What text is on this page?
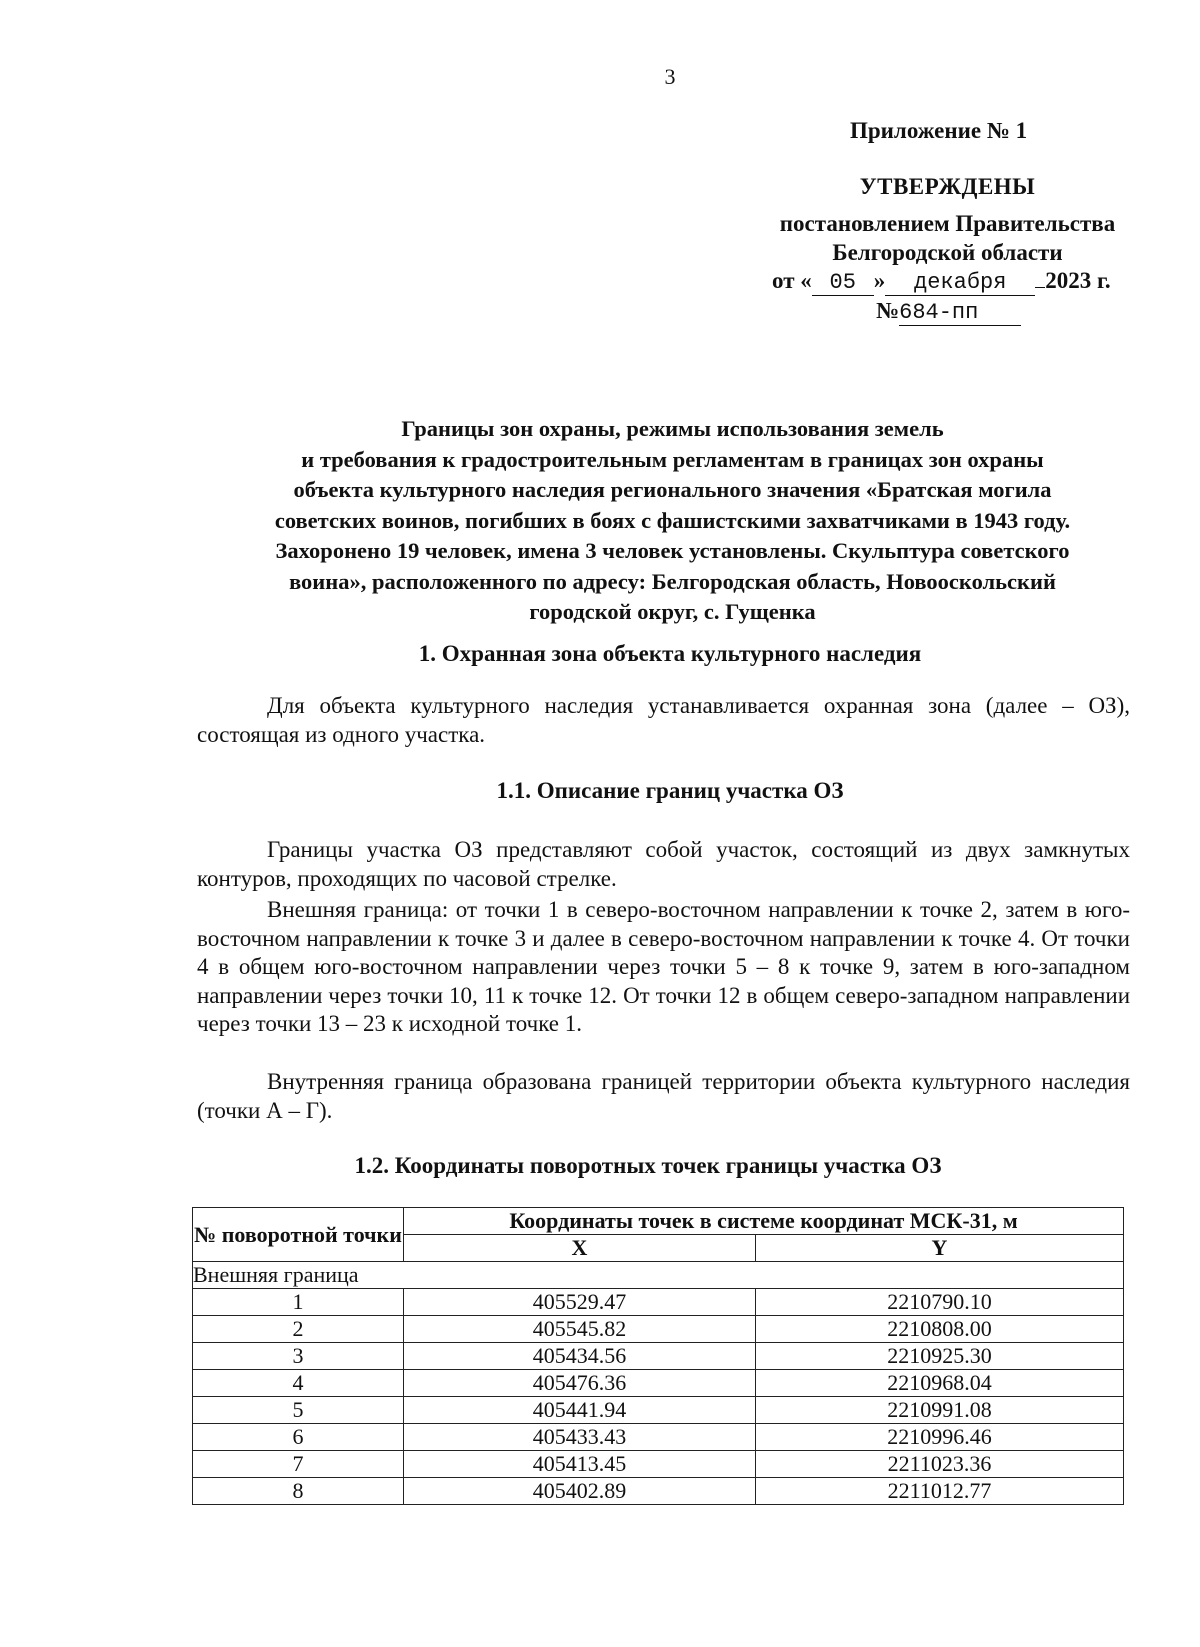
3
Приложение № 1
УТВЕРЖДЕНЫ
постановлением Правительства
Белгородской области
от « 05 » декабря 2023 г.
№684-пп
Границы зон охраны, режимы использования земель
и требования к градостроительным регламентам в границах зон охраны
объекта культурного наследия регионального значения «Братская могила
советских воинов, погибших в боях с фашистскими захватчиками в 1943 году.
Захоронено 19 человек, имена 3 человек установлены. Скульптура советского
воина», расположенного по адресу: Белгородская область, Новооскольский
городской округ, с. Гущенка
1. Охранная зона объекта культурного наследия
Для объекта культурного наследия устанавливается охранная зона (далее – ОЗ), состоящая из одного участка.
1.1. Описание границ участка ОЗ
Границы участка ОЗ представляют собой участок, состоящий из двух замкнутых контуров, проходящих по часовой стрелке.
Внешняя граница: от точки 1 в северо-восточном направлении к точке 2, затем в юго-восточном направлении к точке 3 и далее в северо-восточном направлении к точке 4. От точки 4 в общем юго-восточном направлении через точки 5 – 8 к точке 9, затем в юго-западном направлении через точки 10, 11 к точке 12. От точки 12 в общем северо-западном направлении через точки 13 – 23 к исходной точке 1.
Внутренняя граница образована границей территории объекта культурного наследия (точки А – Г).
1.2. Координаты поворотных точек границы участка ОЗ
№ поворотной точки	Координаты точек в системе координат МСК-31, м	
	X	Y
Внешняя граница		
1	405529.47	2210790.10
2	405545.82	2210808.00
3	405434.56	2210925.30
4	405476.36	2210968.04
5	405441.94	2210991.08
6	405433.43	2210996.46
7	405413.45	2211023.36
8	405402.89	2211012.77
